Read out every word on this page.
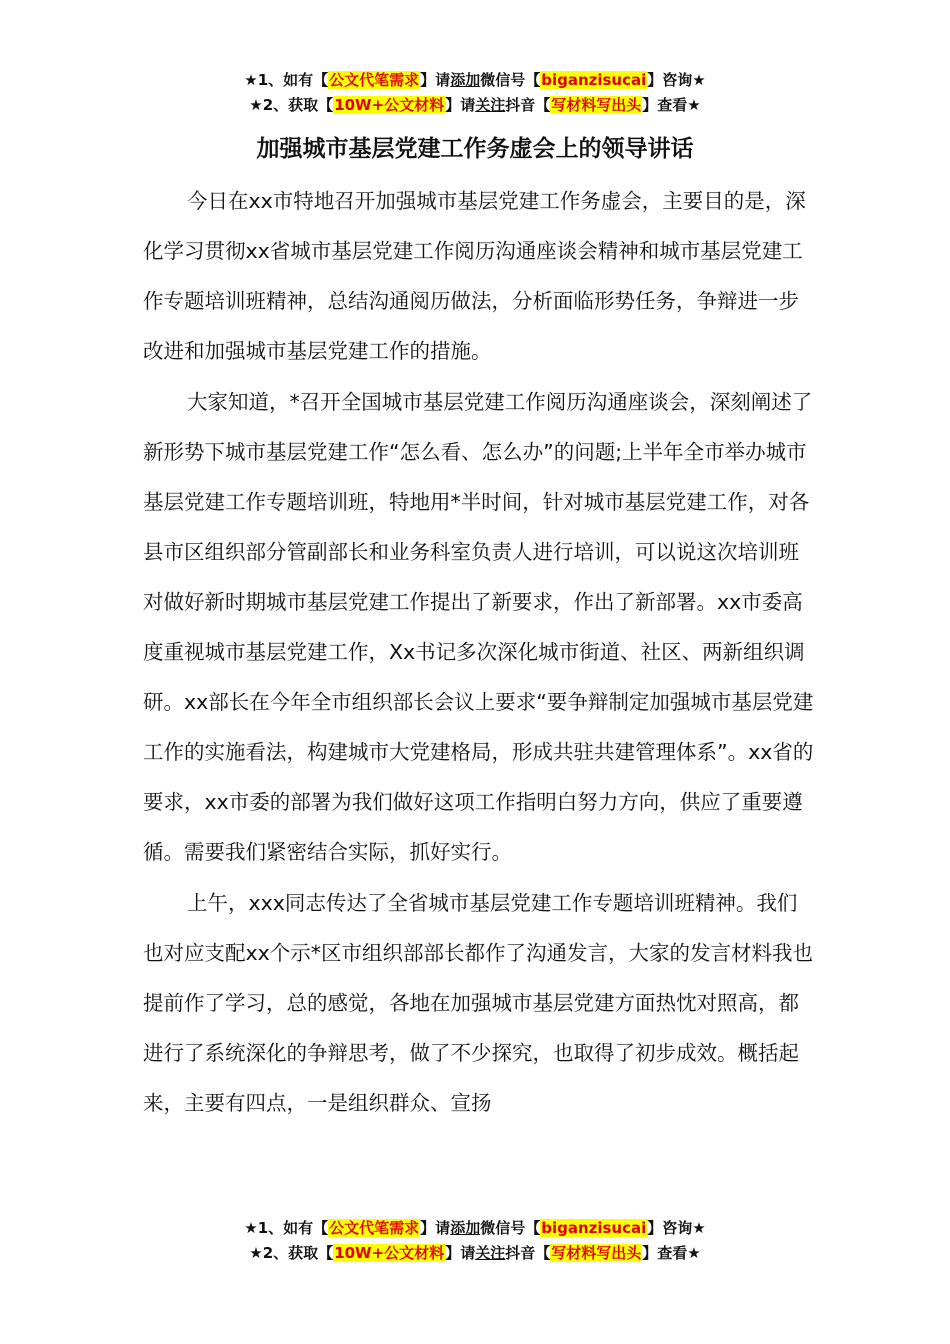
★1、如有【公文代笔需求】请添加微信号【biganzisucai】咨询★
★2、获取【10W+公文材料】请关注抖音【写材料写出头】查看★
加强城市基层党建工作务虚会上的领导讲话

今日在xx市特地召开加强城市基层党建工作务虚会，主要目的是，深化学习贯彻xx省城市基层党建工作阅历沟通座谈会精神和城市基层党建工作专题培训班精神，总结沟通阅历做法，分析面临形势任务，争辩进一步改进和加强城市基层党建工作的措施。

大家知道，*召开全国城市基层党建工作阅历沟通座谈会，深刻阐述了新形势下城市基层党建工作“怎么看、怎么办”的问题;上半年全市举办城市基层党建工作专题培训班，特地用*半时间，针对城市基层党建工作，对各县市区组织部分管副部长和业务科室负责人进行培训，可以说这次培训班对做好新时期城市基层党建工作提出了新要求，作出了新部署。xx市委高度重视城市基层党建工作，Xx书记多次深化城市街道、社区、两新组织调研。xx部长在今年全市组织部长会议上要求“要争辩制定加强城市基层党建工作的实施看法，构建城市大党建格局，形成共驻共建管理体系”。xx省的要求，xx市委的部署为我们做好这项工作指明白努力方向，供应了重要遵循。需要我们紧密结合实际，抓好实行。

上午，xxx同志传达了全省城市基层党建工作专题培训班精神。我们也对应支配xx个示*区市组织部部长都作了沟通发言，大家的发言材料我也提前作了学习，总的感觉，各地在加强城市基层党建方面热忱对照高，都进行了系统深化的争辩思考，做了不少探究，也取得了初步成效。概括起来，主要有四点，一是组织群众、宣扬

★1、如有【公文代笔需求】请添加微信号【biganzisucai】咨询★
★2、获取【10W+公文材料】请关注抖音【写材料写出头】查看★
